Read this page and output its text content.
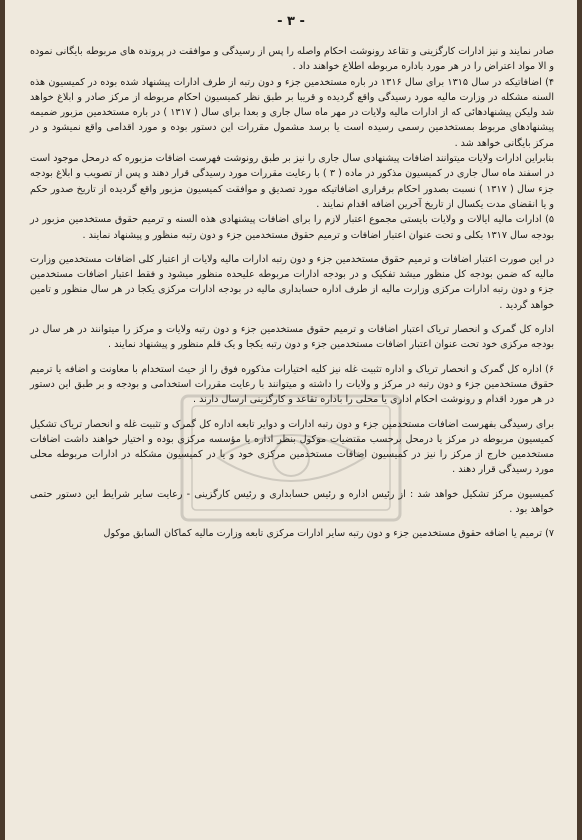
- ٣ -

صادر نمایند و نیز ادارات کارگزینی و تقاعد رونوشت احکام واصله را پس از رسیدگی و موافقت در پرونده های مربوطه بایگانی نموده و الا مواد اعتراض را در هر مورد باداره مربوطه اطلاع خواهند داد .

۴) اضافاتیکه در سال ۱۳۱۵ برای سال ۱۳۱۶ در باره مستخدمین جزء و دون رتبه از طرف ادارات پیشنهاد شده بوده در کمیسیون هذه السنه مشکله در وزارت مالیه مورد رسیدگی واقع گردیده و قریبا بر طبق نظر کمیسیون احکام مربوطه از مرکز صادر و ابلاغ خواهد شد ولیکن پیشنهادهائی که از ادارات مالیه ولایات در مهر ماه سال جاری و بعدا برای سال ( ۱۳۱۷ ) در باره مستخدمین مزبور ضمیمه پیشنهادهای مربوط بمستخدمین رسمی رسیده است یا برسد مشمول مقررات این دستور بوده و مورد اقدامی واقع نمیشود و در مرکز بایگانی خواهد شد .

بنابراین ادارات ولایات میتوانند اضافات پیشنهادی سال جاری را نیز بر طبق رونوشت فهرست اضافات مزبوره که درمحل موجود است در اسفند ماه سال جاری در کمیسیون مذکور در ماده ( ۳ ) با رعایت مقررات مورد رسیدگی قرار دهند و پس از تصویب و ابلاغ بودجه جزء سال ( ۱۳۱۷ ) نسبت بصدور احکام برقراری اضافاتیکه مورد تصدیق و موافقت کمیسیون مزبور واقع گردیده از تاریخ صدور حکم و یا انقضای مدت یکسال از تاریخ آخرین اضافه اقدام نمایند .

۵) ادارات مالیه ایالات و ولایات بایستی مجموع اعتبار لازم را برای اضافات پیشنهادی هذه السنه و ترمیم حقوق مستخدمین مزبور در بودجه سال ۱۳۱۷ بکلی و تحت عنوان اعتبار اضافات و ترمیم حقوق مستخدمین جزء و دون رتبه منظور و پیشنهاد نمایند .

در این صورت اعتبار اضافات و ترمیم حقوق مستخدمین جزء و دون رتبه ادارات مالیه ولایات از اعتبار کلی اضافات مستخدمین وزارت مالیه که ضمن بودجه کل منظور میشد تفکیک و در بودجه ادارات مربوطه علیحده منظور میشود و فقط اعتبار اضافات مستخدمین جزء و دون رتبه ادارات مرکزی وزارت مالیه از طرف اداره حسابداری مالیه در بودجه ادارات مرکزی یکجا در هر سال منظور و تامین خواهد گردید .

اداره کل گمرک و انحصار تریاک اعتبار اضافات و ترمیم حقوق مستخدمین جزء و دون رتبه ولایات و مرکز را میتوانند در هر سال در بودجه مرکزی خود تحت عنوان اعتبار اضافات مستخدمین جزء و دون رتبه یکجا و یک قلم منظور و پیشنهاد نمایند .

۶) اداره کل گمرک و انحصار تریاک و اداره تثبیت غله نیز کلیه اختیارات مذکوره فوق را از حیث استخدام با معاونت و اضافه یا ترمیم حقوق مستخدمین جزء و دون رتبه در مرکز و ولایات را داشته و میتوانند با رعایت مقررات استخدامی و بودجه و بر طبق این دستور در هر مورد اقدام و رونوشت احکام اداری یا محلی را باداره تقاعد و کارگزینی ارسال دارند .

برای رسیدگی بفهرست اضافات مستخدمین جزء و دون رتبه ادارات و دوایر تابعه اداره کل گمرک و تثبیت غله و انحصار تریاک تشکیل کمیسیون مربوطه در مرکز یا درمحل برحسب مقتضیات موکول بنظر اداره یا مؤسسه مرکزی بوده و اختیار خواهند داشت اضافات مستخدمین خارج از مرکز را نیز در کمیسیون اضافات مستخدمین مرکزی خود و یا در کمیسیون مشکله در ادارات مربوطه محلی مورد رسیدگی قرار دهند .

کمیسیون مرکز تشکیل خواهد شد : از رئیس اداره و رئیس حسابداری و رئیس کارگزینی - رعایت سایر شرایط این دستور حتمی خواهد بود .

۷) ترمیم یا اضافه حقوق مستخدمین جزء و دون رتبه سایر ادارات مرکزی تابعه وزارت مالیه کماکان السابق موکول
